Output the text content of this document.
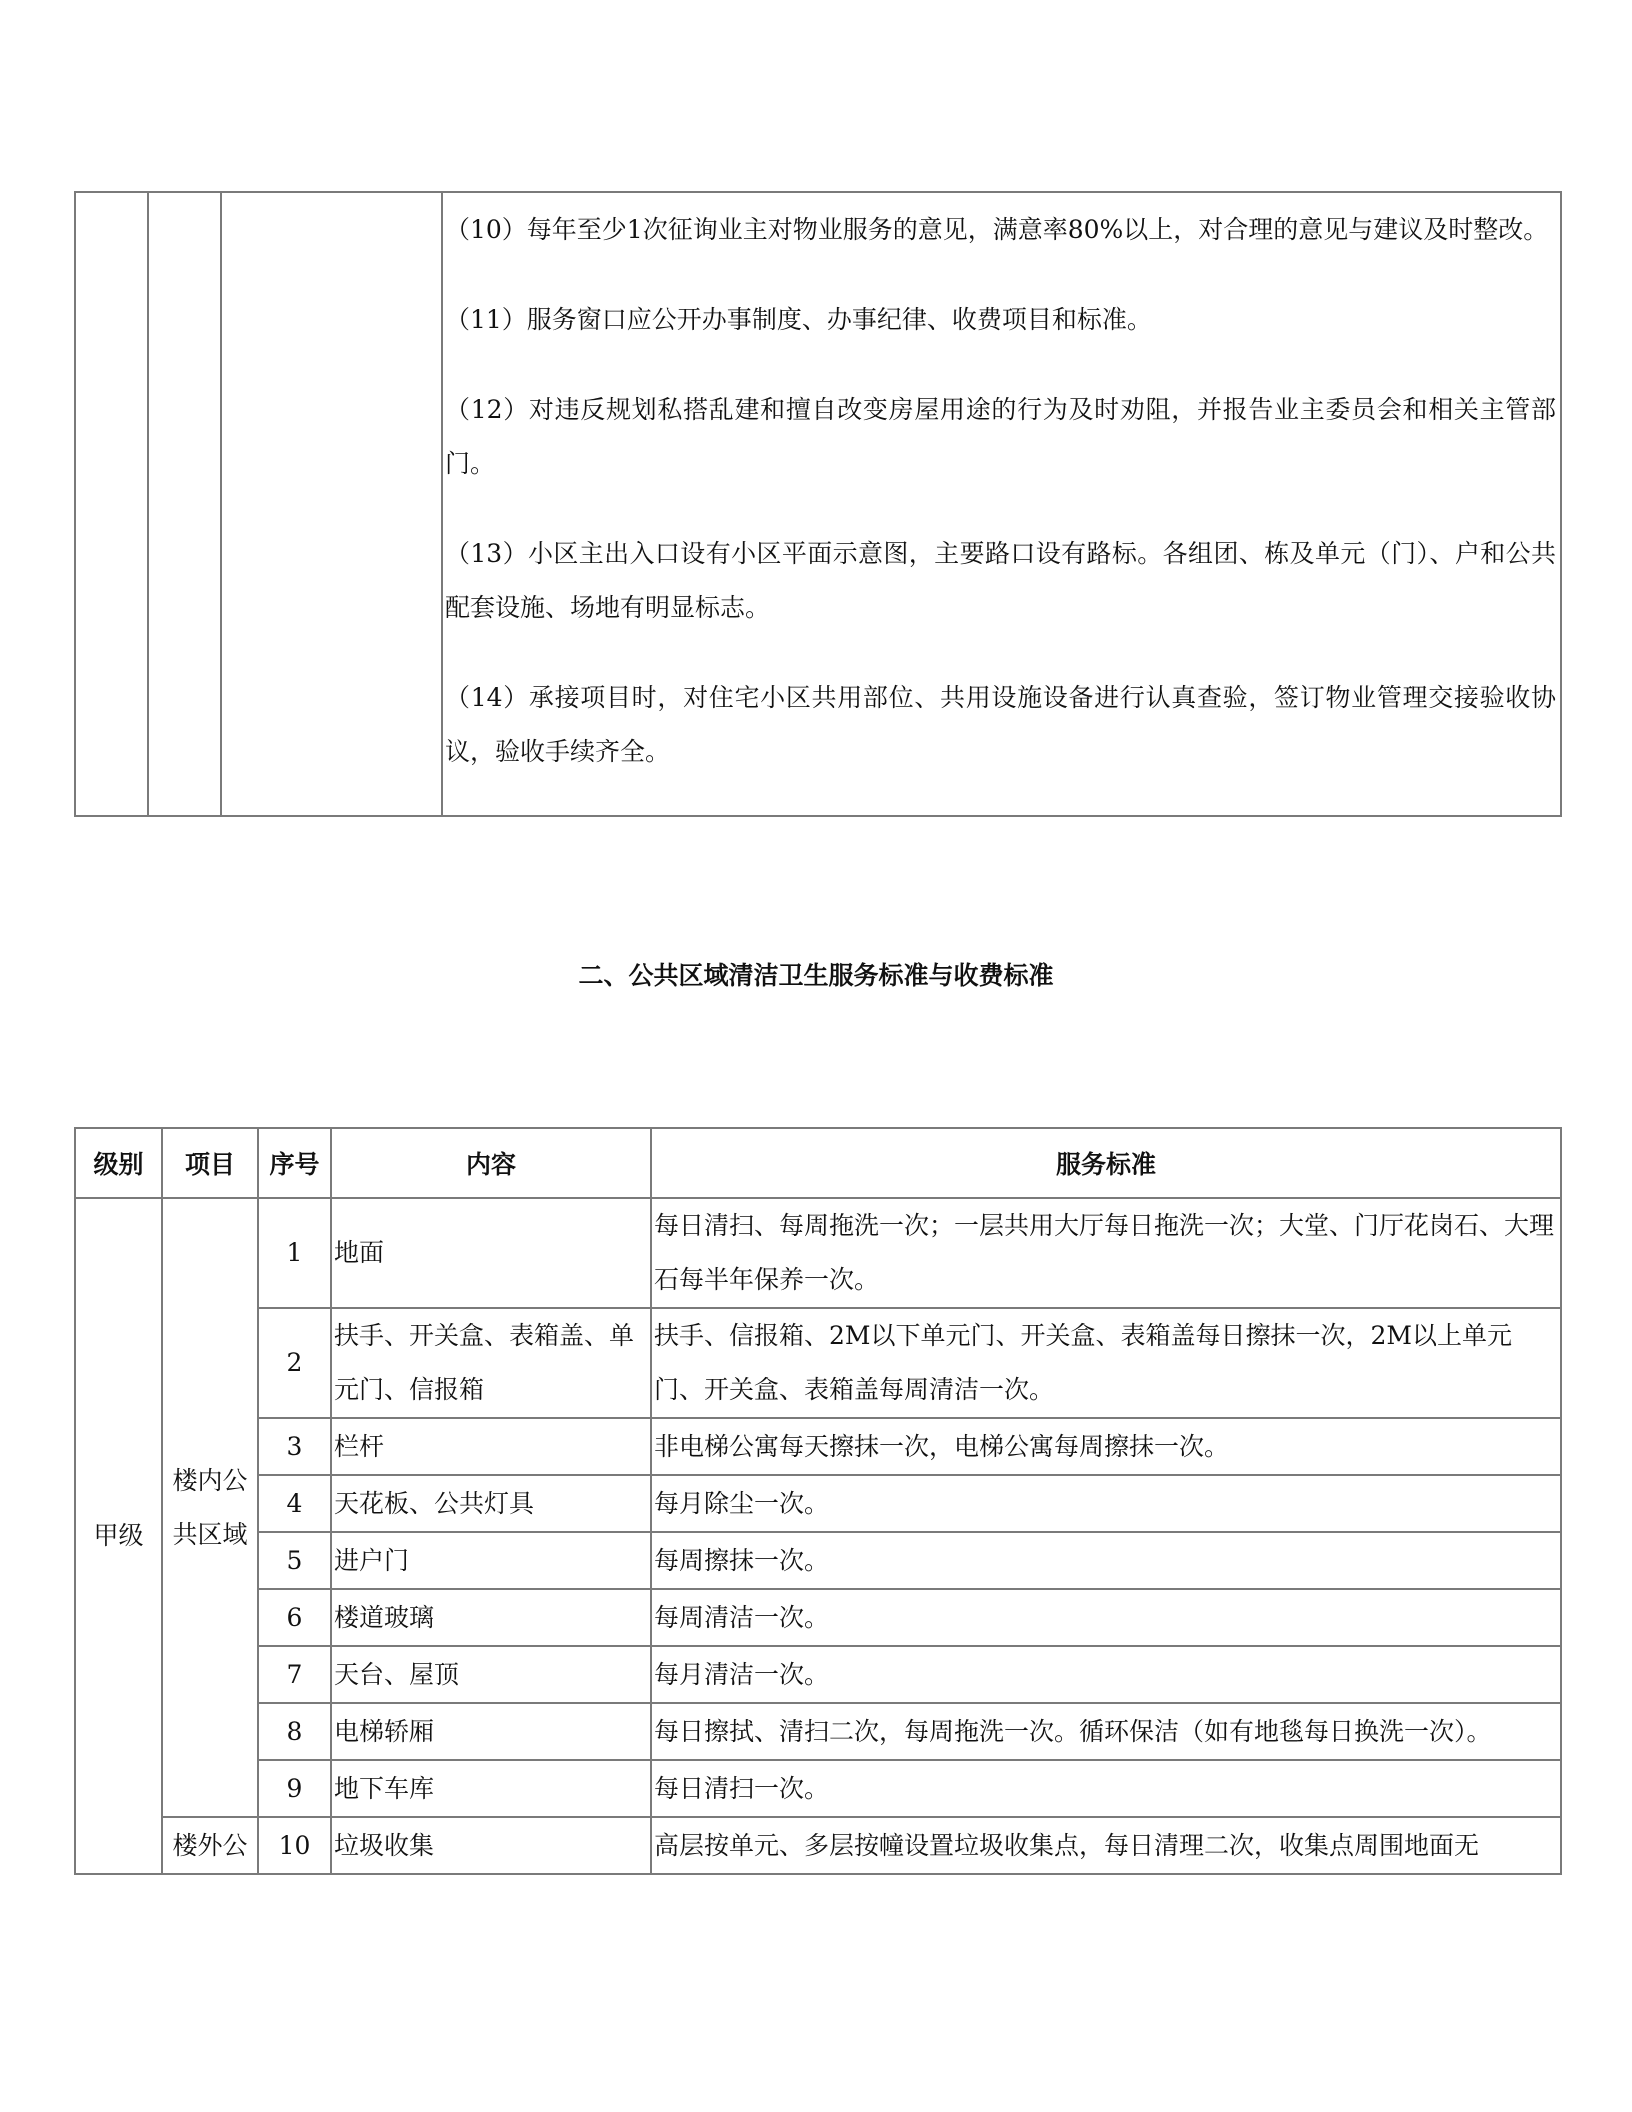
（10）每年至少1次征询业主对物业服务的意见，满意率80%以上，对合理的意见与建议及时整改。

（11）服务窗口应公开办事制度、办事纪律、收费项目和标准。

（12）对违反规划私搭乱建和擅自改变房屋用途的行为及时劝阻，并报告业主委员会和相关主管部门。

（13）小区主出入口设有小区平面示意图，主要路口设有路标。各组团、栋及单元（门）、户和公共配套设施、场地有明显标志。

（14）承接项目时，对住宅小区共用部位、共用设施设备进行认真查验，签订物业管理交接验收协议，验收手续齐全。

二、公共区域清洁卫生服务标准与收费标准
级别	项目	序号	内容	服务标准
甲级	楼内公共区域	1	地面	每日清扫、每周拖洗一次；一层共用大厅每日拖洗一次；大堂、门厅花岗石、大理石每半年保养一次。
		2	扶手、开关盒、表箱盖、单元门、信报箱	扶手、信报箱、2M以下单元门、开关盒、表箱盖每日擦抹一次，2M以上单元门、开关盒、表箱盖每周清洁一次。
		3	栏杆	非电梯公寓每天擦抹一次，电梯公寓每周擦抹一次。
		4	天花板、公共灯具	每月除尘一次。
		5	进户门	每周擦抹一次。
		6	楼道玻璃	每周清洁一次。
		7	天台、屋顶	每月清洁一次。
		8	电梯轿厢	每日擦拭、清扫二次，每周拖洗一次。循环保洁（如有地毯每日换洗一次）。
		9	地下车库	每日清扫一次。
	楼外公	10	垃圾收集	高层按单元、多层按幢设置垃圾收集点，每日清理二次，收集点周围地面无
